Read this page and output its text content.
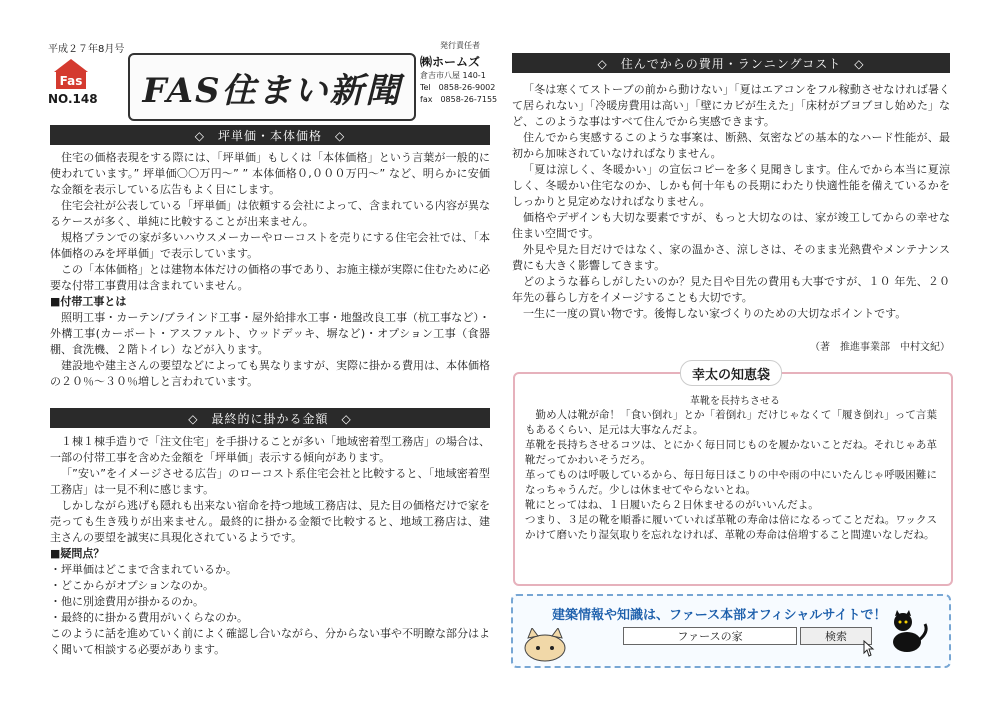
平成２７年8月号
Fas
NO.148 FAS住まい新聞
発行責任者
㈱ホームズ
倉吉市八屋 140-1
Tel　0858-26-9002
fax　0858-26-7155
◇　坪単価・本体価格　◇

住宅の価格表現をする際には、「坪単価」もしくは「本体価格」という言葉が一般的に使われています。” 坪単価〇〇万円～” ” 本体価格０,０００万円～” など、明らかに安価な金額を表示している広告もよく目にします。

住宅会社が公表している「坪単価」は依頼する会社によって、含まれている内容が異なるケースが多く、単純に比較することが出来ません。

規格プランでの家が多いハウスメーカーやローコストを売りにする住宅会社では、「本体価格のみを坪単価」で表示しています。

この「本体価格」とは建物本体だけの価格の事であり、お施主様が実際に住むために必要な付帯工事費用は含まれていません。

■付帯工事とは

照明工事・カーテン/ブラインド工事・屋外給排水工事・地盤改良工事（杭工事など）・外構工事(カーポート・アスファルト、ウッドデッキ、塀など)・オプション工事（食器棚、食洗機、２階トイレ）などが入ります。

建設地や建主さんの要望などによっても異なりますが、実際に掛かる費用は、本体価格の２０％～３０％増しと言われています。

◇　最終的に掛かる金額　◇

１棟１棟手造りで「注文住宅」を手掛けることが多い「地域密着型工務店」の場合は、一部の付帯工事を含めた金額を「坪単価」表示する傾向があります。

「”安い”をイメージさせる広告」のローコスト系住宅会社と比較すると、「地域密着型工務店」は一見不利に感じます。

しかしながら逃げも隠れも出来ない宿命を持つ地域工務店は、見た目の価格だけで家を売っても生き残りが出来ません。最終的に掛かる金額で比較すると、地域工務店は、建主さんの要望を誠実に具現化されているようです。

■疑問点？

・坪単価はどこまで含まれているか。

・どこからがオプションなのか。

・他に別途費用が掛かるのか。

・最終的に掛かる費用がいくらなのか。

このように話を進めていく前によく確認し合いながら、分からない事や不明瞭な部分はよく聞いて相談する必要があります。

◇　住んでからの費用・ランニングコスト　◇

「冬は寒くてストーブの前から動けない」「夏はエアコンをフル稼動させなければ暑くて居られない」「冷暖房費用は高い」「壁にカビが生えた」「床材がブヨブヨし始めた」など、このような事はすべて住んでから実感できます。

住んでから実感するこのような事案は、断熱、気密などの基本的なハード性能が、最初から加味されていなければなりません。

「夏は涼しく、冬暖かい」の宣伝コピーを多く見聞きします。住んでから本当に夏涼しく、冬暖かい住宅なのか、しかも何十年もの長期にわたり快適性能を備えているかをしっかりと見定めなければなりません。

価格やデザインも大切な要素ですが、もっと大切なのは、家が竣工してからの幸せな住まい空間です。

外見や見た目だけではなく、家の温かさ、涼しさは、そのまま光熱費やメンテナンス費にも大きく影響してきます。

どのような暮らしがしたいのか？見た目や目先の費用も大事ですが、１０ 年先、２０年先の暮らし方をイメージすることも大切です。

一生に一度の買い物です。後悔しない家づくりのための大切なポイントです。

（著　推進事業部　中村文紀）
幸太の知恵袋
革靴を長持ちさせる

勤め人は靴が命！「食い倒れ」とか「着倒れ」だけじゃなくて「履き倒れ」って言葉もあるくらい、足元は大事なんだよ。

革靴を長持ちさせるコツは、とにかく毎日同じものを履かないことだね。それじゃあ革靴だってかわいそうだろ。

革ってものは呼吸しているから、毎日毎日ほこりの中や雨の中にいたんじゃ呼吸困難になっちゃうんだ。少しは休ませてやらないとね。

靴にとってはね、１日履いたら２日休ませるのがいいんだよ。

つまり、３足の靴を順番に履いていれば革靴の寿命は倍になるってことだね。ワックスかけて磨いたり湿気取りを忘れなければ、革靴の寿命は倍増すること間違いなしだね。

建築情報や知識は、ファース本部オフィシャルサイトで！
ファースの家	検索
